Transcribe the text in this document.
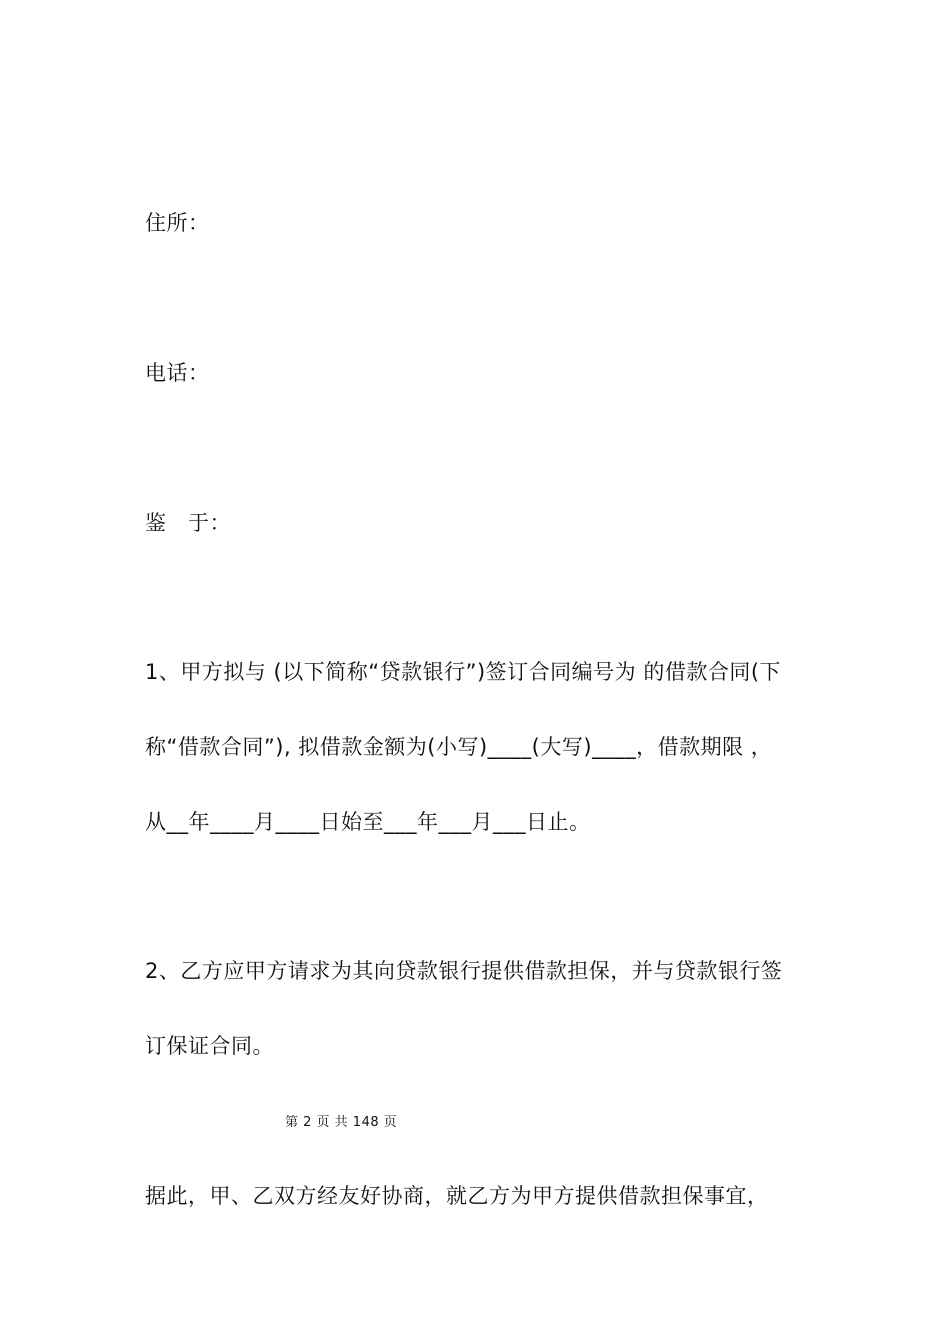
住所：
电话：
鉴　于：
1、甲方拟与 (以下简称“贷款银行”)签订合同编号为 的借款合同(下
称“借款合同”), 拟借款金额为(小写)____(大写)____，借款期限 ，
从__年____月____日始至___年___月___日止。
2、乙方应甲方请求为其向贷款银行提供借款担保，并与贷款银行签
订保证合同。
第 2 页 共 148 页
据此，甲、乙双方经友好协商，就乙方为甲方提供借款担保事宜，
